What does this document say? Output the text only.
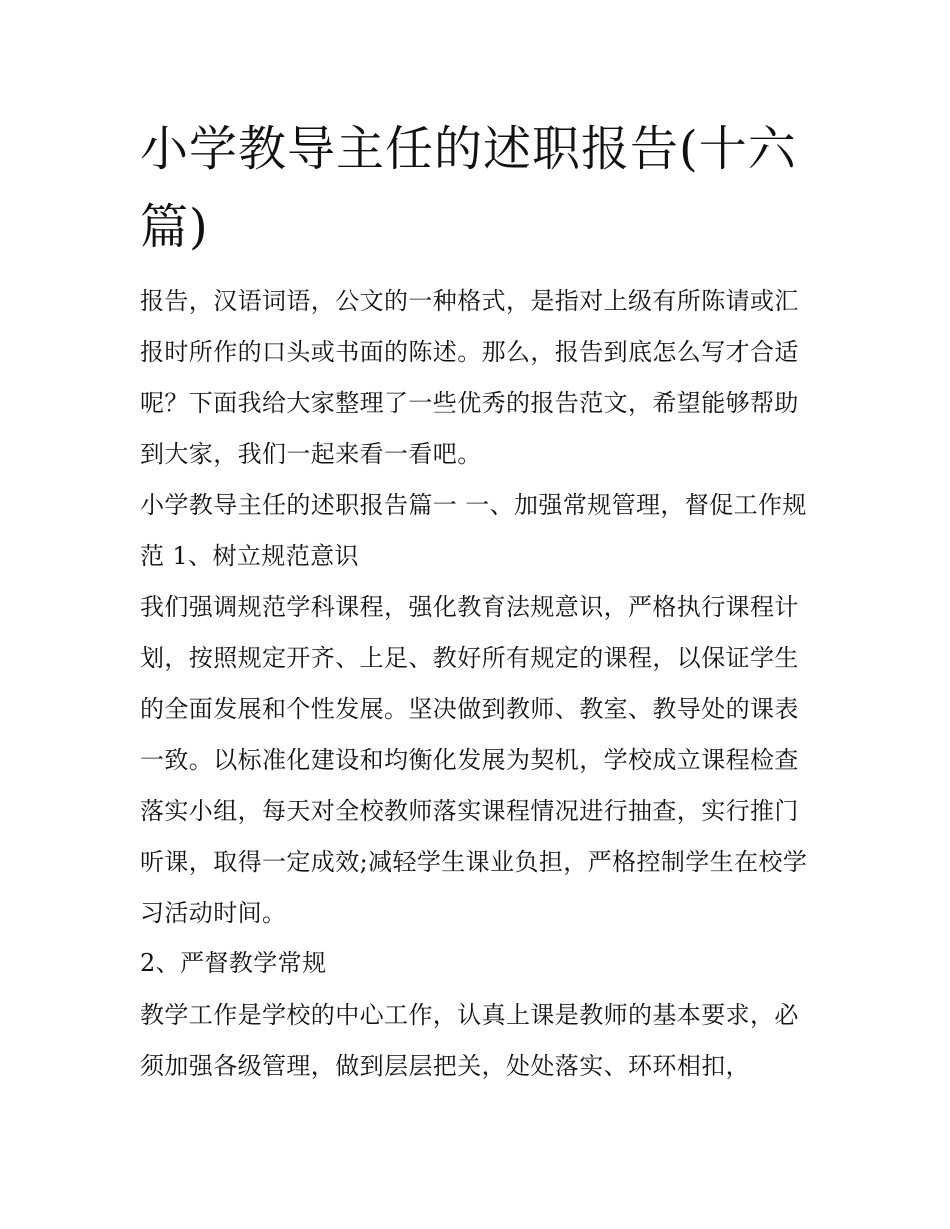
小学教导主任的述职报告(十六篇)

报告，汉语词语，公文的一种格式，是指对上级有所陈请或汇报时所作的口头或书面的陈述。那么，报告到底怎么写才合适呢？下面我给大家整理了一些优秀的报告范文，希望能够帮助到大家，我们一起来看一看吧。

小学教导主任的述职报告篇一 一、加强常规管理，督促工作规范 1、树立规范意识

我们强调规范学科课程，强化教育法规意识，严格执行课程计划，按照规定开齐、上足、教好所有规定的课程，以保证学生的全面发展和个性发展。坚决做到教师、教室、教导处的课表一致。以标准化建设和均衡化发展为契机，学校成立课程检查落实小组，每天对全校教师落实课程情况进行抽查，实行推门听课，取得一定成效;减轻学生课业负担，严格控制学生在校学习活动时间。

2、严督教学常规

教学工作是学校的中心工作，认真上课是教师的基本要求，必须加强各级管理，做到层层把关，处处落实、环环相扣，
